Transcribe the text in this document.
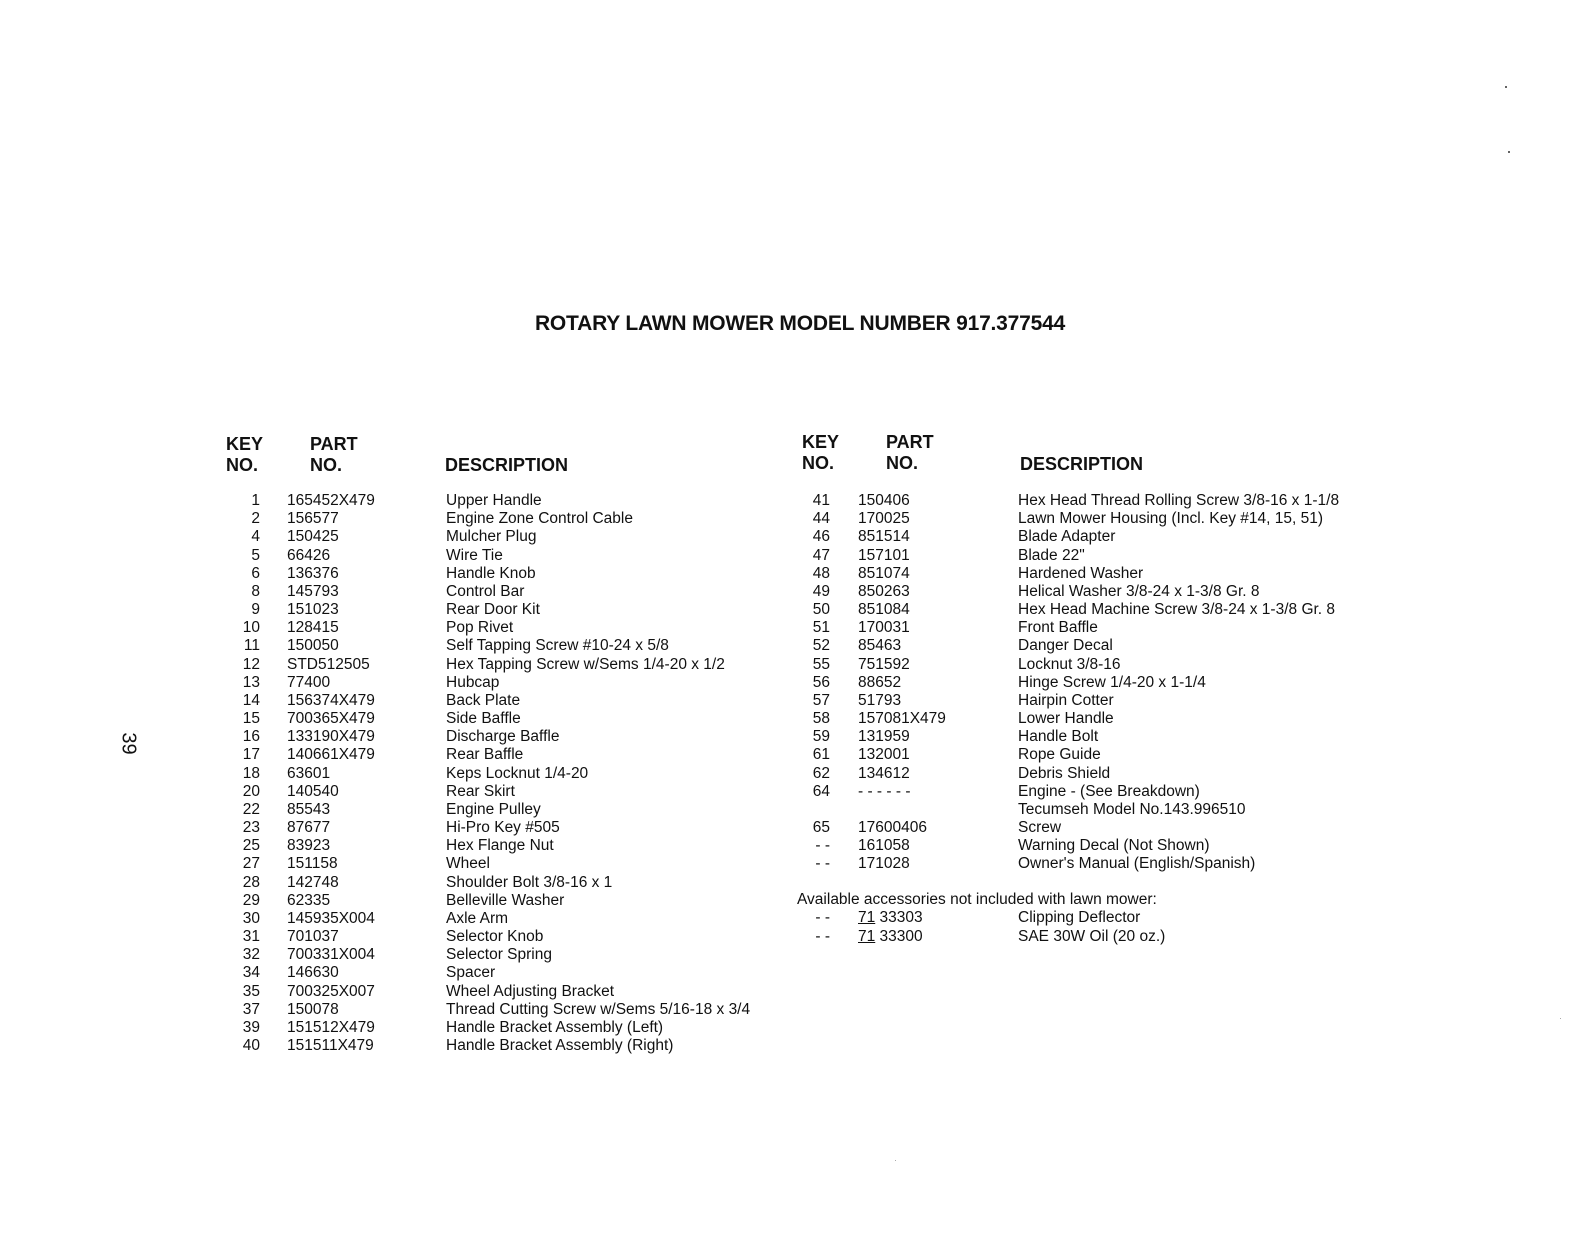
ROTARY LAWN MOWER MODEL NUMBER 917.377544
39
KEY
NO.
PART
NO.	DESCRIPTION
KEY
NO.
PART
NO.	DESCRIPTION
1 165452X479	Upper Handle
2 156577	Engine Zone Control Cable
4 150425	Mulcher Plug
5 66426	Wire Tie
6 136376	Handle Knob
8 145793	Control Bar
9 151023	Rear Door Kit
10 128415	Pop Rivet
11 150050	Self Tapping Screw #10-24 x 5/8
12 STD512505	Hex Tapping Screw w/Sems 1/4-20 x 1/2
13 77400	Hubcap
14 156374X479	Back Plate
15 700365X479	Side Baffle
16 133190X479	Discharge Baffle
17 140661X479	Rear Baffle
18 63601	Keps Locknut 1/4-20
20 140540	Rear Skirt
22 85543	Engine Pulley
23 87677	Hi-Pro Key #505
25 83923	Hex Flange Nut
27 151158	Wheel
28 142748	Shoulder Bolt 3/8-16 x 1
29 62335	Belleville Washer
30 145935X004	Axle Arm
31 701037	Selector Knob
32 700331X004	Selector Spring
34 146630	Spacer
35 700325X007	Wheel Adjusting Bracket
37 150078	Thread Cutting Screw w/Sems 5/16-18 x 3/4
39 151512X479	Handle Bracket Assembly (Left)
40 151511X479	Handle Bracket Assembly (Right)
41 150406	Hex Head Thread Rolling Screw 3/8-16 x 1-1/8
44 170025	Lawn Mower Housing (Incl. Key #14, 15, 51)
46 851514	Blade Adapter
47 157101	Blade 22"
48 851074	Hardened Washer
49 850263	Helical Washer 3/8-24 x 1-3/8 Gr. 8
50 851084	Hex Head Machine Screw 3/8-24 x 1-3/8 Gr. 8
51 170031	Front Baffle
52 85463	Danger Decal
55 751592	Locknut 3/8-16
56 88652	Hinge Screw 1/4-20 x 1-1/4
57 51793	Hairpin Cotter
58 157081X479	Lower Handle
59 131959	Handle Bolt
61 132001	Rope Guide
62 134612	Debris Shield
64 - - - - - -	Engine - (See Breakdown)
Tecumseh Model No.143.996510
65 17600406	Screw
- - 161058	Warning Decal (Not Shown)
- - 171028	Owner's Manual (English/Spanish)
Available accessories not included with lawn mower:
- - 71 33303	Clipping Deflector
- - 71 33300	SAE 30W Oil (20 oz.)
